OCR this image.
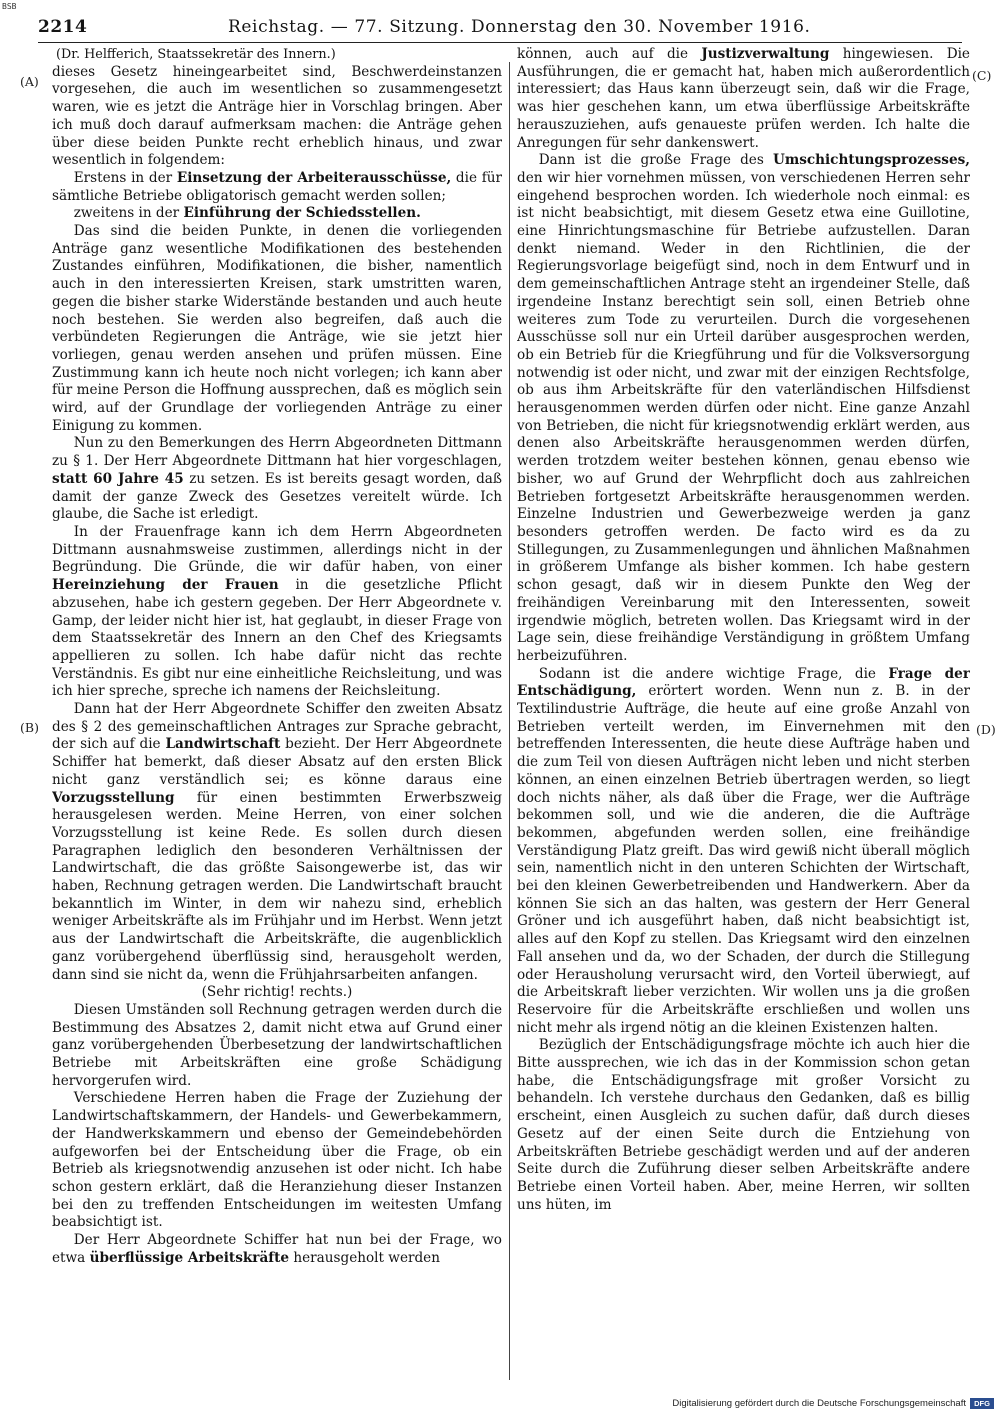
BSB
2214	Reichstag. — 77. Sitzung. Donnerstag den 30. November 1916.
(A)
(B)
(C)
(D)

(Dr. Helfferich, Staatssekretär des Innern.)

dieses Gesetz hineingearbeitet sind, Beschwerdeinstanzen vorgesehen, die auch im wesentlichen so zusammengesetzt waren, wie es jetzt die Anträge hier in Vorschlag bringen. Aber ich muß doch darauf aufmerksam machen: die Anträge gehen über diese beiden Punkte recht erheblich hinaus, und zwar wesentlich in folgendem:

Erstens in der Einsetzung der Arbeiterausschüsse, die für sämtliche Betriebe obligatorisch gemacht werden sollen;

zweitens in der Einführung der Schiedsstellen.

Das sind die beiden Punkte, in denen die vorliegenden Anträge ganz wesentliche Modifikationen des bestehenden Zustandes einführen, Modifikationen, die bisher, namentlich auch in den interessierten Kreisen, stark umstritten waren, gegen die bisher starke Widerstände bestanden und auch heute noch bestehen. Sie werden also begreifen, daß auch die verbündeten Regierungen die Anträge, wie sie jetzt hier vorliegen, genau werden ansehen und prüfen müssen. Eine Zustimmung kann ich heute noch nicht vorlegen; ich kann aber für meine Person die Hoffnung aussprechen, daß es möglich sein wird, auf der Grundlage der vorliegenden Anträge zu einer Einigung zu kommen.

Nun zu den Bemerkungen des Herrn Abgeordneten Dittmann zu § 1. Der Herr Abgeordnete Dittmann hat hier vorgeschlagen, statt 60 Jahre 45 zu setzen. Es ist bereits gesagt worden, daß damit der ganze Zweck des Gesetzes vereitelt würde. Ich glaube, die Sache ist erledigt.

In der Frauenfrage kann ich dem Herrn Abgeordneten Dittmann ausnahmsweise zustimmen, allerdings nicht in der Begründung. Die Gründe, die wir dafür haben, von einer Hereinziehung der Frauen in die gesetzliche Pflicht abzusehen, habe ich gestern gegeben. Der Herr Abgeordnete v. Gamp, der leider nicht hier ist, hat geglaubt, in dieser Frage von dem Staatssekretär des Innern an den Chef des Kriegsamts appellieren zu sollen. Ich habe dafür nicht das rechte Verständnis. Es gibt nur eine einheitliche Reichsleitung, und was ich hier spreche, spreche ich namens der Reichsleitung.

Dann hat der Herr Abgeordnete Schiffer den zweiten Absatz des § 2 des gemeinschaftlichen Antrages zur Sprache gebracht, der sich auf die Landwirtschaft bezieht. Der Herr Abgeordnete Schiffer hat bemerkt, daß dieser Absatz auf den ersten Blick nicht ganz verständlich sei; es könne daraus eine Vorzugsstellung für einen bestimmten Erwerbszweig herausgelesen werden. Meine Herren, von einer solchen Vorzugsstellung ist keine Rede. Es sollen durch diesen Paragraphen lediglich den besonderen Verhältnissen der Landwirtschaft, die das größte Saisongewerbe ist, das wir haben, Rechnung getragen werden. Die Landwirtschaft braucht bekanntlich im Winter, in dem wir nahezu sind, erheblich weniger Arbeitskräfte als im Frühjahr und im Herbst. Wenn jetzt aus der Landwirtschaft die Arbeitskräfte, die augenblicklich ganz vorübergehend überflüssig sind, herausgeholt werden, dann sind sie nicht da, wenn die Frühjahrsarbeiten anfangen.

(Sehr richtig! rechts.)

Diesen Umständen soll Rechnung getragen werden durch die Bestimmung des Absatzes 2, damit nicht etwa auf Grund einer ganz vorübergehenden Überbesetzung der landwirtschaftlichen Betriebe mit Arbeitskräften eine große Schädigung hervorgerufen wird.

Verschiedene Herren haben die Frage der Zuziehung der Landwirtschaftskammern, der Handels- und Gewerbekammern, der Handwerkskammern und ebenso der Gemeindebehörden aufgeworfen bei der Entscheidung über die Frage, ob ein Betrieb als kriegsnotwendig anzusehen ist oder nicht. Ich habe schon gestern erklärt, daß die Heranziehung dieser Instanzen bei den zu treffenden Entscheidungen im weitesten Umfang beabsichtigt ist.

Der Herr Abgeordnete Schiffer hat nun bei der Frage, wo etwa überflüssige Arbeitskräfte herausgeholt werden

können, auch auf die Justizverwaltung hingewiesen. Die Ausführungen, die er gemacht hat, haben mich außerordentlich interessiert; das Haus kann überzeugt sein, daß wir die Frage, was hier geschehen kann, um etwa überflüssige Arbeitskräfte herauszuziehen, aufs genaueste prüfen werden. Ich halte die Anregungen für sehr dankenswert.

Dann ist die große Frage des Umschichtungsprozesses, den wir hier vornehmen müssen, von verschiedenen Herren sehr eingehend besprochen worden. Ich wiederhole noch einmal: es ist nicht beabsichtigt, mit diesem Gesetz etwa eine Guillotine, eine Hinrichtungsmaschine für Betriebe aufzustellen. Daran denkt niemand. Weder in den Richtlinien, die der Regierungsvorlage beigefügt sind, noch in dem Entwurf und in dem gemeinschaftlichen Antrage steht an irgendeiner Stelle, daß irgendeine Instanz berechtigt sein soll, einen Betrieb ohne weiteres zum Tode zu verurteilen. Durch die vorgesehenen Ausschüsse soll nur ein Urteil darüber ausgesprochen werden, ob ein Betrieb für die Kriegführung und für die Volksversorgung notwendig ist oder nicht, und zwar mit der einzigen Rechtsfolge, ob aus ihm Arbeitskräfte für den vaterländischen Hilfsdienst herausgenommen werden dürfen oder nicht. Eine ganze Anzahl von Betrieben, die nicht für kriegsnotwendig erklärt werden, aus denen also Arbeitskräfte herausgenommen werden dürfen, werden trotzdem weiter bestehen können, genau ebenso wie bisher, wo auf Grund der Wehrpflicht doch aus zahlreichen Betrieben fortgesetzt Arbeitskräfte herausgenommen werden. Einzelne Industrien und Gewerbezweige werden ja ganz besonders getroffen werden. De facto wird es da zu Stillegungen, zu Zusammenlegungen und ähnlichen Maßnahmen in größerem Umfange als bisher kommen. Ich habe gestern schon gesagt, daß wir in diesem Punkte den Weg der freihändigen Vereinbarung mit den Interessenten, soweit irgendwie möglich, betreten wollen. Das Kriegsamt wird in der Lage sein, diese freihändige Verständigung in größtem Umfang herbeizuführen.

Sodann ist die andere wichtige Frage, die Frage der Entschädigung, erörtert worden. Wenn nun z. B. in der Textilindustrie Aufträge, die heute auf eine große Anzahl von Betrieben verteilt werden, im Einvernehmen mit den betreffenden Interessenten, die heute diese Aufträge haben und die zum Teil von diesen Aufträgen nicht leben und nicht sterben können, an einen einzelnen Betrieb übertragen werden, so liegt doch nichts näher, als daß über die Frage, wer die Aufträge bekommen soll, und wie die anderen, die die Aufträge bekommen, abgefunden werden sollen, eine freihändige Verständigung Platz greift. Das wird gewiß nicht überall möglich sein, namentlich nicht in den unteren Schichten der Wirtschaft, bei den kleinen Gewerbetreibenden und Handwerkern. Aber da können Sie sich an das halten, was gestern der Herr General Gröner und ich ausgeführt haben, daß nicht beabsichtigt ist, alles auf den Kopf zu stellen. Das Kriegsamt wird den einzelnen Fall ansehen und da, wo der Schaden, der durch die Stillegung oder Herausholung verursacht wird, den Vorteil überwiegt, auf die Arbeitskraft lieber verzichten. Wir wollen uns ja die großen Reservoire für die Arbeitskräfte erschließen und wollen uns nicht mehr als irgend nötig an die kleinen Existenzen halten.

Bezüglich der Entschädigungsfrage möchte ich auch hier die Bitte aussprechen, wie ich das in der Kommission schon getan habe, die Entschädigungsfrage mit großer Vorsicht zu behandeln. Ich verstehe durchaus den Gedanken, daß es billig erscheint, einen Ausgleich zu suchen dafür, daß durch dieses Gesetz auf der einen Seite durch die Entziehung von Arbeitskräften Betriebe geschädigt werden und auf der anderen Seite durch die Zuführung dieser selben Arbeitskräfte andere Betriebe einen Vorteil haben. Aber, meine Herren, wir sollten uns hüten, im

Digitalisierung gefördert durch die Deutsche Forschungsgemeinschaft	DFG
